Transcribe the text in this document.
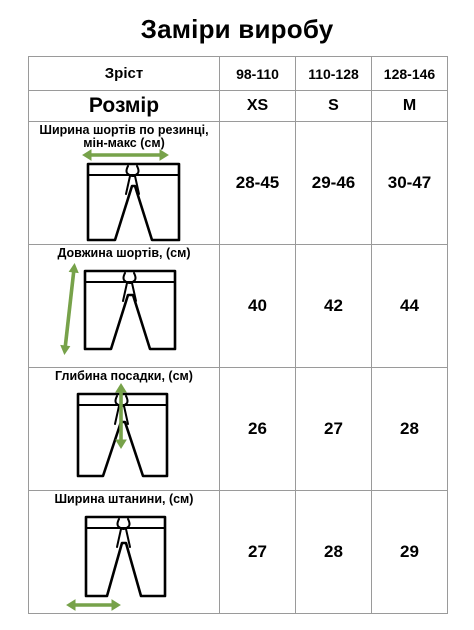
Заміри виробу
Зріст	98-110	110-128	128-146
Розмір	XS	S	M

Ширина шортів по резинці,
мін-макс (см)	28-45	29-46	30-47

Довжина шортів, (см)	40	42	44

Глибина посадки, (см)	26	27	28

Ширина штанини, (см)	27	28	29
